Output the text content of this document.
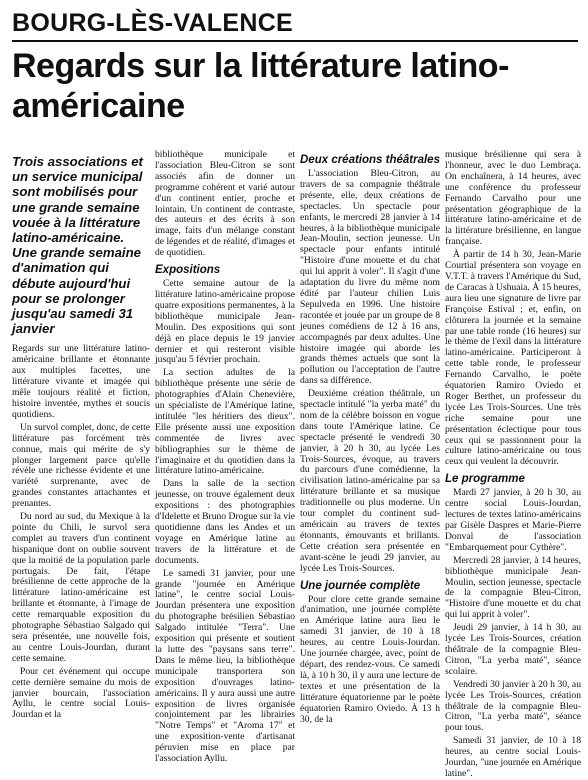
BOURG-LÈS-VALENCE
Regards sur la littérature latino-américaine
Trois associations et un service municipal sont mobilisés pour une grande semaine vouée à la littérature latino-américaine. Une grande semaine d'animation qui débute aujourd'hui pour se prolonger jusqu'au samedi 31 janvier

Regards sur une littérature latino-américaine brillante et étonnante aux multiples facettes, une littérature vivante et imagée qui mêle toujours réalité et fiction, histoire inventée, mythes et soucis quotidiens.

Un survol complet, donc, de cette littérature pas forcément très connue, mais qui mérite de s'y plonger largement parce qu'elle révèle une richesse évidente et une variété surprenante, avec de grandes constantes attachantes et prenantes.

Du nord au sud, du Mexique à la pointe du Chili, le survol sera complet au travers d'un continent hispanique dont on oublie souvent que la moitié de la population parle portugais. De fait, l'étape brésilienne de cette approche de la littérature latino-américaine est brillante et étonnante, à l'image de cette remarquable exposition du photographe Sébastiao Salgado qui sera présentée, une nouvelle fois, au centre Louis-Jourdan, durant cette semaine.

Pour cet événement qui occupe cette dernière semaine du mois de janvier bourcain, l'association Ayllu, le centre social Louis-Jourdan et la

bibliothèque municipale et l'association Bleu-Citron se sont associés afin de donner un programme cohérent et varié autour d'un continent entier, proche et lointain. Un continent de contraste, des auteurs et des écrits à son image, faits d'un mélange constant de légendes et de réalité, d'images et de quotidien.

Expositions

Cette semaine autour de la littérature latino-américaine propose quatre expositions permanentes, à la bibliothèque municipale Jean-Moulin. Des expositions qui sont déjà en place depuis le 19 janvier dernier et qui resteront visible jusqu'au 5 février prochain.

La section adultes de la bibliothèque présente une série de photographies d'Alain Chenevière, un spécialiste de l'Amérique latine, intitulée "les héritiers des dieux". Elle présente aussi une exposition commentée de livres avec bibliographies sur le thème de l'imaginaire et du quotidien dans la littérature latino-américaine.

Dans la salle de la section jeunesse, on trouve également deux expositions : des photographies d'Idelette et Bruno Drogue sur la vie quotidienne dans les Andes et un voyage en Amérique latine au travers de la littérature et de documents.

Le samedi 31 janvier, pour une grande "journée en Amérique latine", le centre social Louis-Jourdan présentera une exposition du photographe brésilien Sébastiao Salgado intitulée "Terra". Une exposition qui présente et soutient la lutte des "paysans sans terre". Dans le même lieu, la bibliothèque municipale transportera son exposition d'ouvrages latino-américains. Il y aura aussi une autre exposition de livres organisée conjointement par les librairies "Notre Temps" et "Aroma 17" et une exposition-vente d'artisanat péruvien mise en place par l'association Ayllu.

Deux créations théâtrales

L'association Bleu-Citron, au travers de sa compagnie théâtrale présente, elle, deux créations de spectacles. Un spectacle pour enfants, le mercredi 28 janvier à 14 heures, à la bibliothèque municipale Jean-Moulin, section jeunesse. Un spectacle pour enfants intitulé "Histoire d'une mouette et du chat qui lui apprit à voler". Il s'agit d'une adaptation du livre du même nom édité par l'auteur chilien Luis Sepulveda en 1996. Une histoire racontée et jouée par un groupe de 8 jeunes comédiens de 12 à 16 ans, accompagnés par deux adultes. Une histoire imagée qui aborde les grands thèmes actuels que sont la pollution ou l'acceptation de l'autre dans sa différence.

Deuxième création théâtrale, un spectacle intitulé "la yerba maté" du nom de la célèbre boisson en vogue dans toute l'Amérique latine. Ce spectacle présenté le vendredi 30 janvier, à 20 h 30, au lycée Les Trois-Sources, évoque, au travers du parcours d'une comédienne, la civilisation latino-américaine par sa littérature brillante et sa musique traditionnelle ou plus moderne. Un tour complet du continent sud-américain au travers de textes étonnants, émouvants et brillants. Cette création sera présentée en avant-scène le jeudi 29 janvier, au lycée Les Trois-Sources.

Une journée complète

Pour clore cette grande semaine d'animation, une journée complète en Amérique latine aura lieu le samedi 31 janvier, de 10 à 18 heures, au centre Louis-Jourdan. Une journée chargée, avec, point de départ, des rendez-vous. Ce samedi là, à 10 h 30, il y aura une lecture de textes et une présentation de la littérature équatorienne par le poète équatorien Ramiro Oviedo. À 13 h 30, de la

musique brésilienne qui sera à l'honneur, avec le duo Lembraça. On enchaînera, à 14 heures, avec une conférence du professeur Fernando Carvalho pour une présentation géographique de la littérature latino-américaine et de la littérature brésilienne, en langue française.

À partir de 14 h 30, Jean-Marie Courtial présentera son voyage en V.T.T. à travers l'Amérique du Sud, de Caracas à Ushuaia. À 15 heures, aura lieu une signature de livre par Françoise Estival ; et, enfin, on clôturera la journée et la semaine par une table ronde (16 heures) sur le thème de l'exil dans la littérature latino-américaine. Participeront à cette table ronde, le professeur Fernando Carvalho, le poète équatorien Ramiro Oviedo et Roger Berthet, un professeur du lycée Les Trois-Sources. Une très riche semaine pour une présentation éclectique pour tous ceux qui se passionnent pour la culture latino-américaine ou tous ceux qui veulent la découvrir.

Le programme

Mardi 27 janvier, à 20 h 30, au centre social Louis-Jourdan, lectures de textes latino-américains par Gisèle Daspres et Marie-Pierre Donval de l'association "Embarquement pour Cythère".

Mercredi 28 janvier, à 14 heures, bibliothèque municipale Jean-Moulin, section jeunesse, spectacle de la compagnie Bleu-Citron, "Histoire d'une mouette et du chat qui lui apprit à voler".

Jeudi 29 janvier, à 14 h 30, au lycée Les Trois-Sources, création théâtrale de la compagnie Bleu-Citron, "La yerba maté", séance scolaire.

Vendredi 30 janvier à 20 h 30, au lycée Les Trois-Sources, création théâtrale de la compagnie Bleu-Citron, "La yerba maté", séance pour tous.

Samedi 31 janvier, de 10 à 18 heures, au centre social Louis-Jourdan, "une journée en Amérique latine".
